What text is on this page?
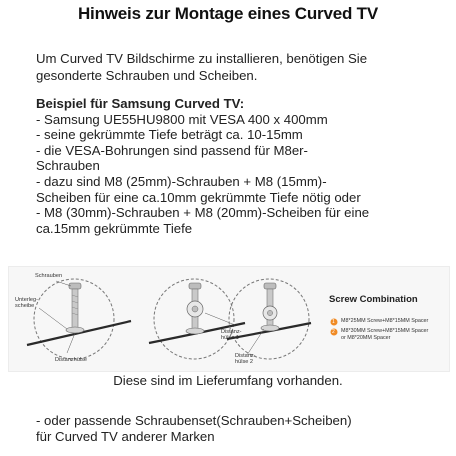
Hinweis zur Montage eines Curved TV
Um Curved TV Bildschirme zu installieren, benötigen Sie
gesonderte Schrauben und Scheiben.
Beispiel für Samsung Curved TV:
- Samsung UE55HU9800 mit VESA 400 x 400mm
- seine gekrümmte Tiefe beträgt ca. 10-15mm
- die VESA-Bohrungen sind passend für M8er-
Schrauben
- dazu sind M8 (25mm)-Schrauben + M8 (15mm)-
Scheiben für eine ca.10mm gekrümmte Tiefe nötig oder
- M8 (30mm)-Schrauben + M8 (20mm)-Scheiben für eine
ca.15mm gekrümmte Tiefe
Schrauben
Unterleg-
scheibe
Distanzhülse
Distanz-
hülse 1
Distanz-
hülse 2
Screw Combination
M8*25MM Screw+M8*15MM Spacer
M8*30MM Screw+M8*15MM Spacer
or M8*20MM Spacer
1
2
Diese sind im Lieferumfang vorhanden.
- oder passende Schraubenset(Schrauben+Scheiben)
für Curved TV anderer Marken
